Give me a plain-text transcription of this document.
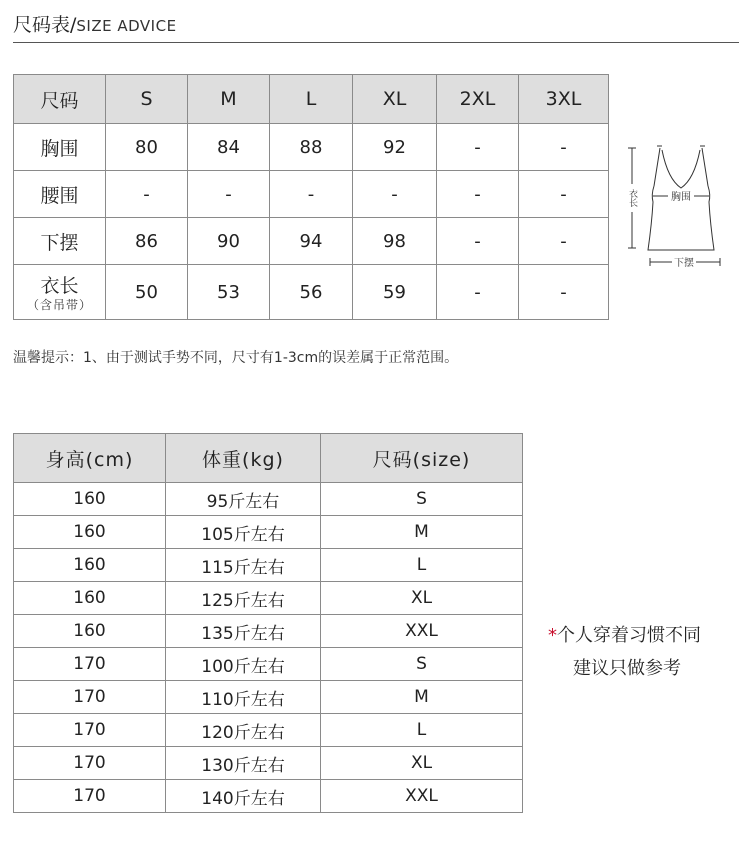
尺码表/ SIZE ADVICE
尺码	S	M	L	XL	2XL	3XL
胸围	80	84	88	92	-	-
腰围	-	-	-	-	-	-
下摆	86	90	94	98	-	-
衣长
（含吊带）	50	53	56	59	-	-
胸围
下摆
衣长
温馨提示：1、由于测试手势不同，尺寸有1-3cm的误差属于正常范围。
身高(cm)	体重(kg)	尺码(size)
160	95斤左右	S
160	105斤左右	M
160	115斤左右	L
160	125斤左右	XL
160	135斤左右	XXL
170	100斤左右	S
170	110斤左右	M
170	120斤左右	L
170	130斤左右	XL
170	140斤左右	XXL
*个人穿着习惯不同
建议只做参考
